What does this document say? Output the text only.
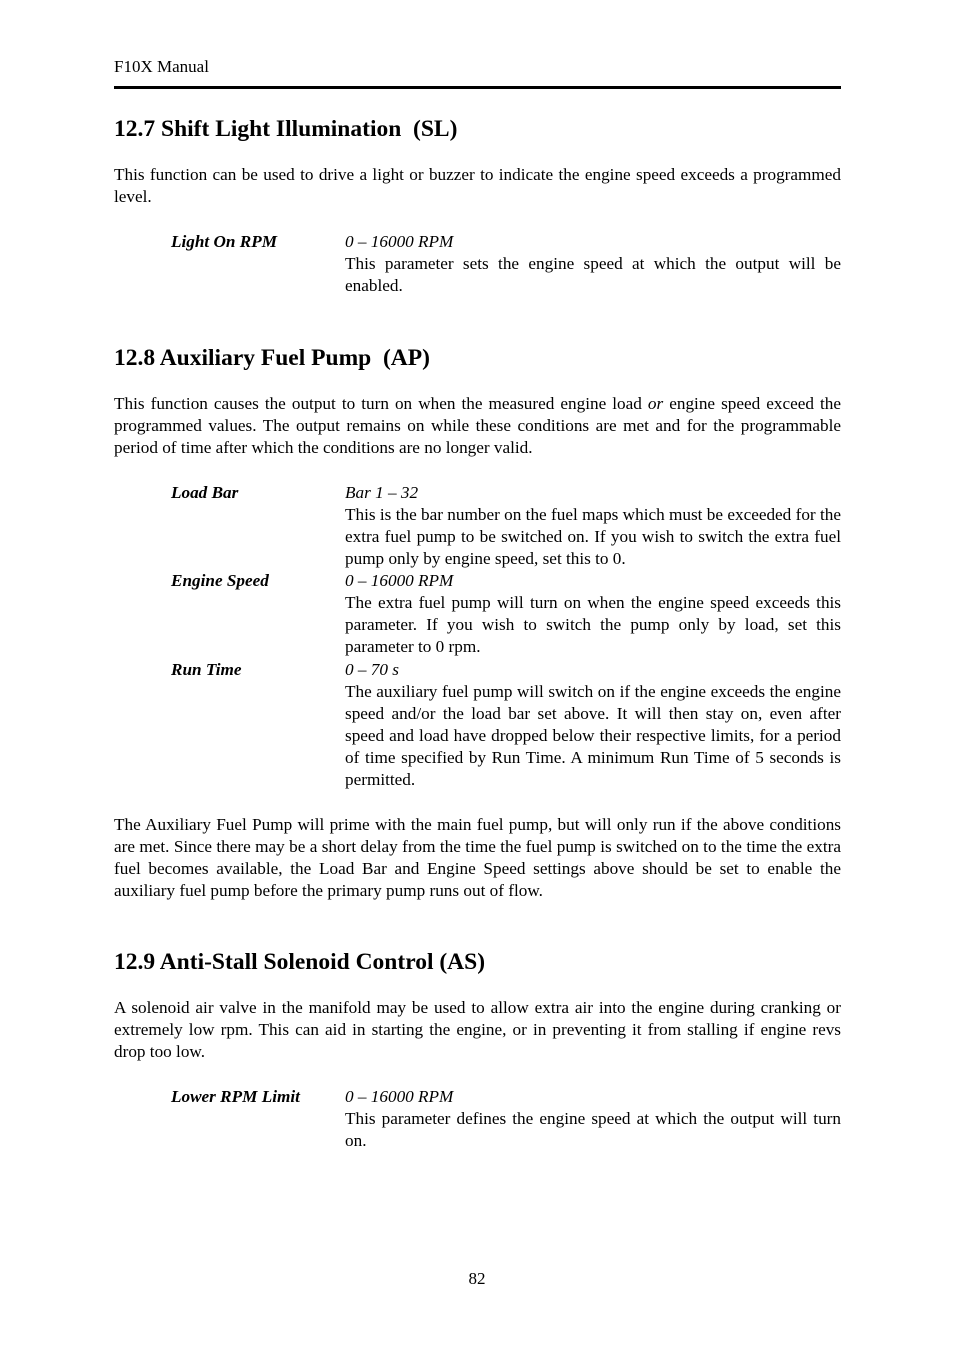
F10X Manual
12.7 Shift Light Illumination  (SL)

This function can be used to drive a light or buzzer to indicate the engine speed exceeds a programmed level.

Light On RPM	0 – 16000 RPM

This parameter sets the engine speed at which the output will be enabled.

12.8 Auxiliary Fuel Pump  (AP)

This function causes the output to turn on when the measured engine load or engine speed exceed the programmed values. The output remains on while these conditions are met and for the programmable period of time after which the conditions are no longer valid.

Load Bar	Bar 1 – 32

This is the bar number on the fuel maps which must be exceeded for the extra fuel pump to be switched on. If you wish to switch the extra fuel pump only by engine speed, set this to 0.

Engine Speed	0 – 16000 RPM

The extra fuel pump will turn on when the engine speed exceeds this parameter. If you wish to switch the pump only by load, set this parameter to 0 rpm.

Run Time	0 – 70 s

The auxiliary fuel pump will switch on if the engine exceeds the engine speed and/or the load bar set above. It will then stay on, even after speed and load have dropped below their respective limits, for a period of time specified by Run Time. A minimum Run Time of 5 seconds is permitted.

The Auxiliary Fuel Pump will prime with the main fuel pump, but will only run if the above conditions are met. Since there may be a short delay from the time the fuel pump is switched on to the time the extra fuel becomes available, the Load Bar and Engine Speed settings above should be set to enable the auxiliary fuel pump before the primary pump runs out of flow.

12.9 Anti-Stall Solenoid Control (AS)

A solenoid air valve in the manifold may be used to allow extra air into the engine during cranking or extremely low rpm. This can aid in starting the engine, or in preventing it from stalling if engine revs drop too low.

Lower RPM Limit	0 – 16000 RPM

This parameter defines the engine speed at which the output will turn on.

82
